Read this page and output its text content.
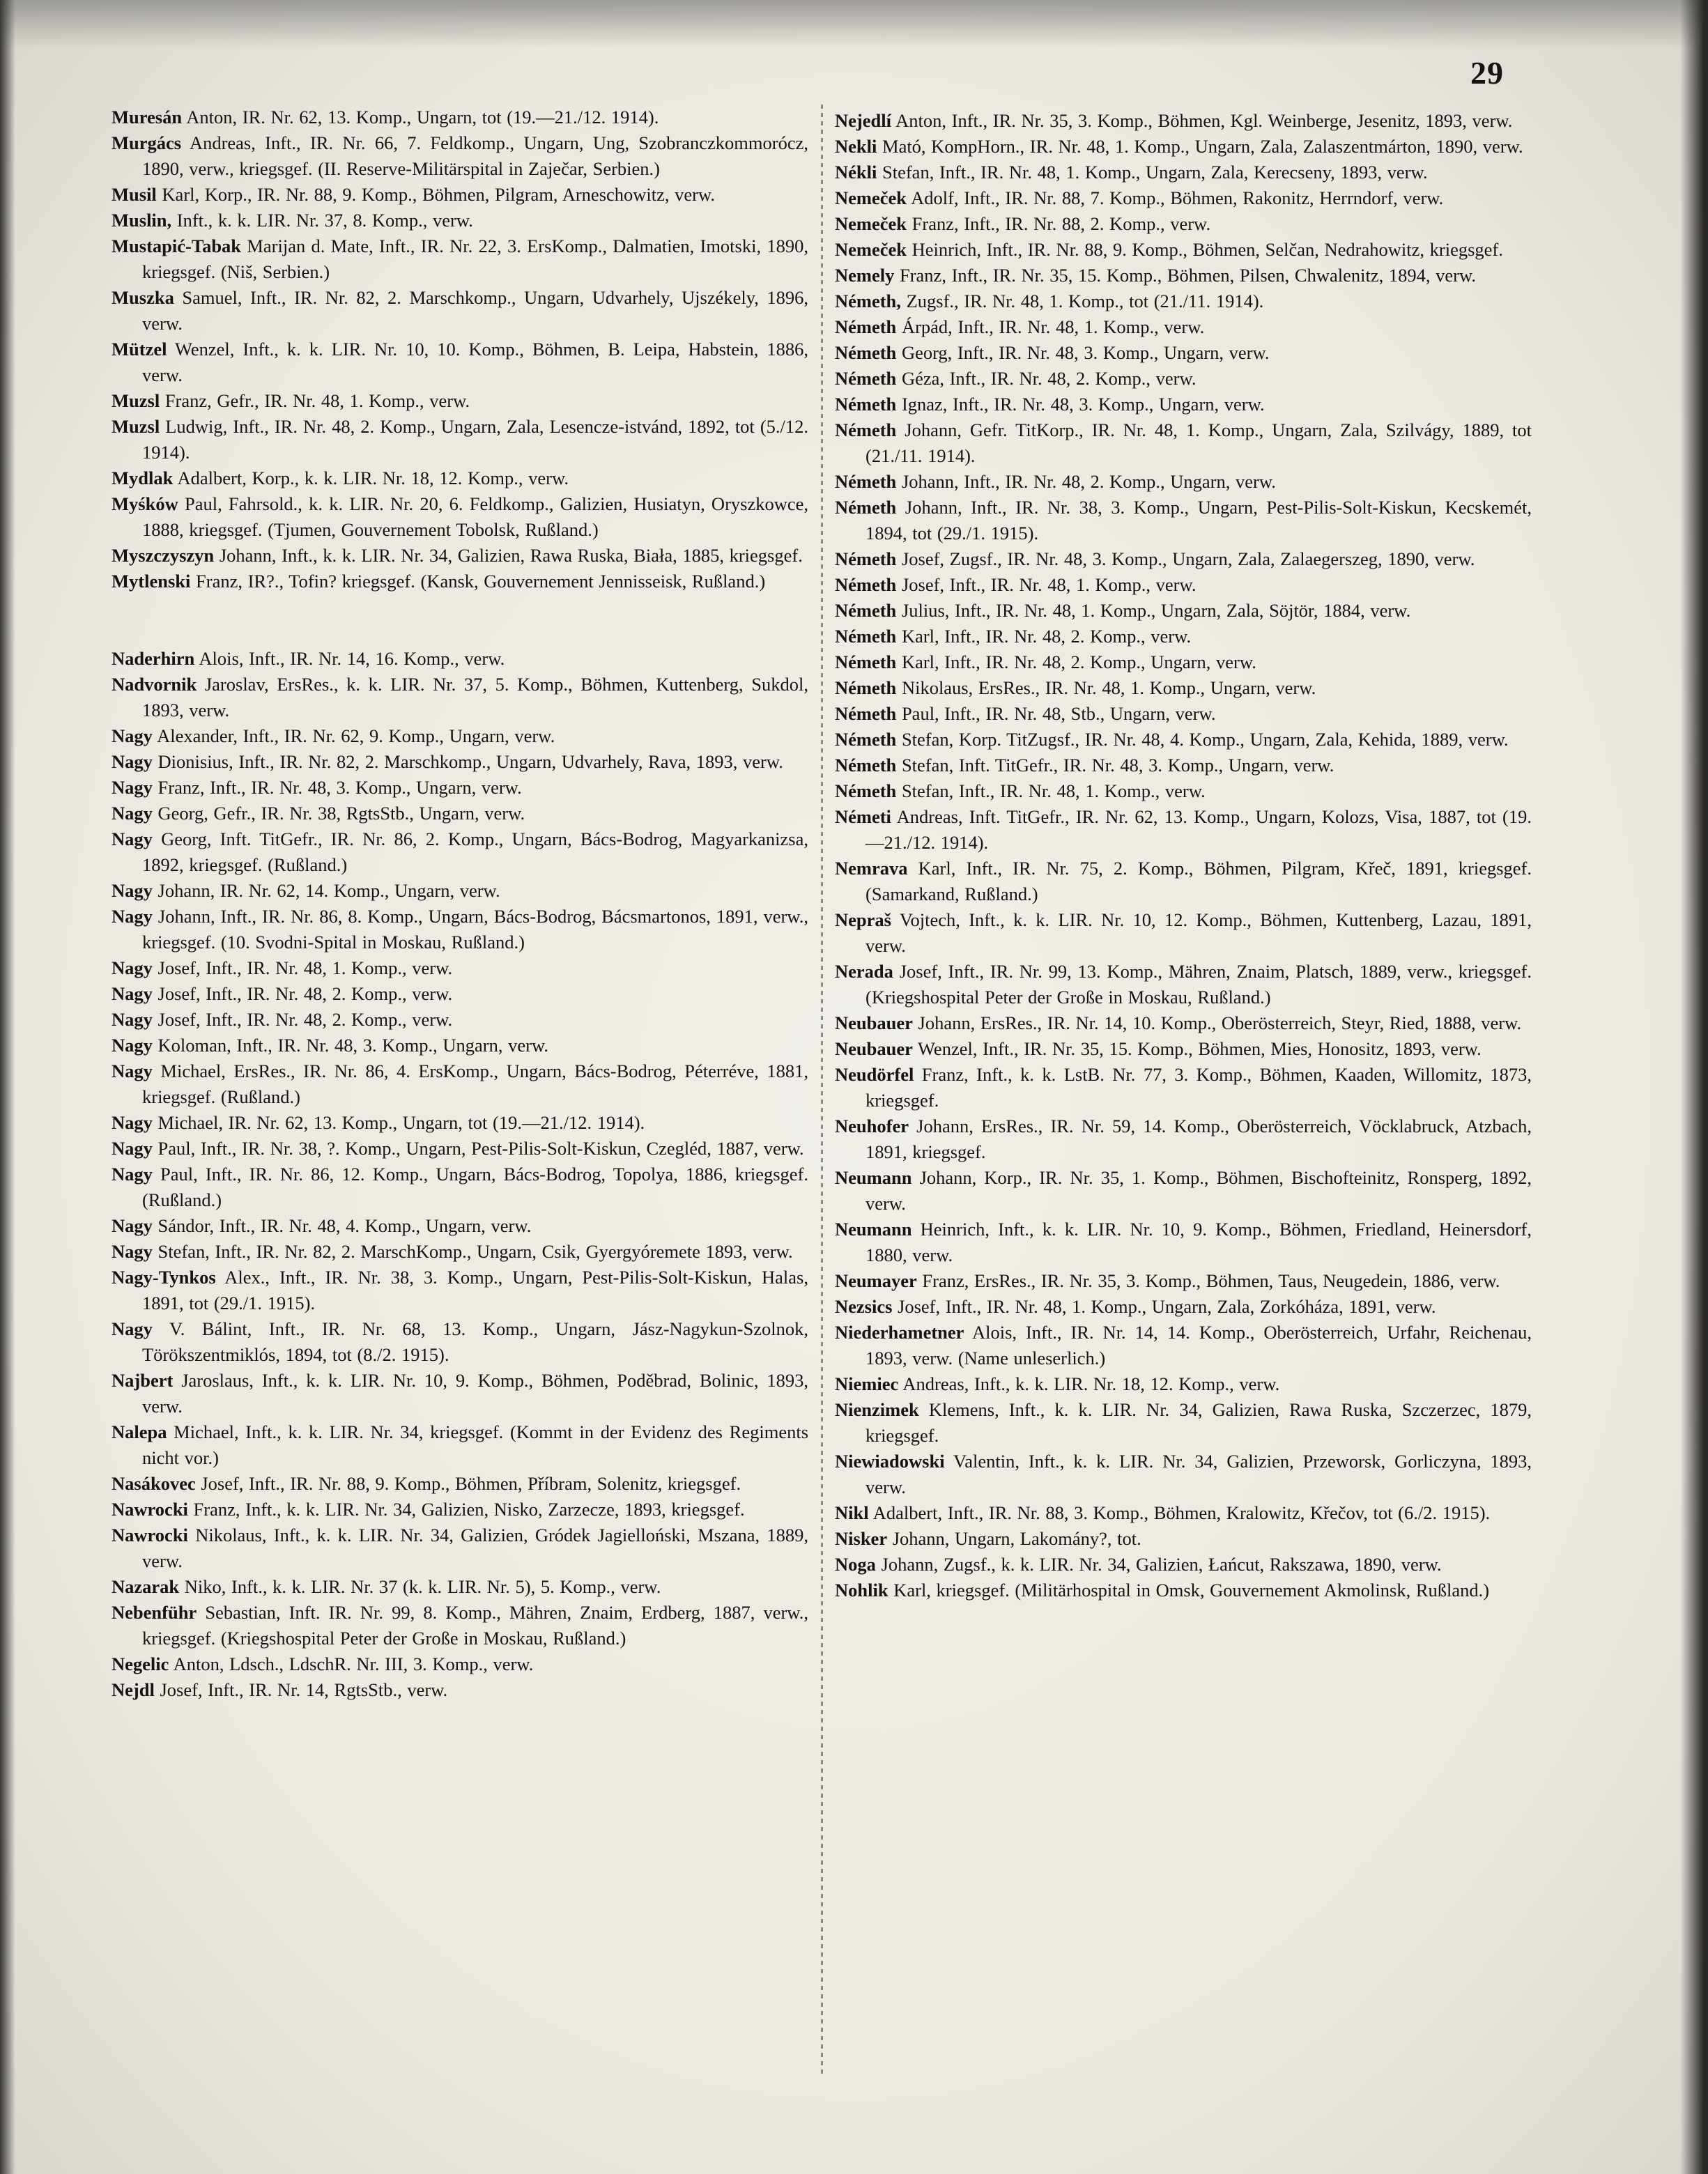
29

Muresán Anton, IR. Nr. 62, 13. Komp., Ungarn, tot (19.—21./12. 1914).

Murgács Andreas, Inft., IR. Nr. 66, 7. Feldkomp., Ungarn, Ung, Szobranczkommorócz, 1890, verw., kriegsgef. (II. Reserve-Militärspital in Zaječar, Serbien.)

Musil Karl, Korp., IR. Nr. 88, 9. Komp., Böhmen, Pilgram, Arneschowitz, verw.

Muslin, Inft., k. k. LIR. Nr. 37, 8. Komp., verw.

Mustapić-Tabak Marijan d. Mate, Inft., IR. Nr. 22, 3. ErsKomp., Dalmatien, Imotski, 1890, kriegsgef. (Niš, Serbien.)

Muszka Samuel, Inft., IR. Nr. 82, 2. Marschkomp., Ungarn, Udvarhely, Ujszékely, 1896, verw.

Mützel Wenzel, Inft., k. k. LIR. Nr. 10, 10. Komp., Böhmen, B. Leipa, Habstein, 1886, verw.

Muzsl Franz, Gefr., IR. Nr. 48, 1. Komp., verw.

Muzsl Ludwig, Inft., IR. Nr. 48, 2. Komp., Ungarn, Zala, Lesencze-istvánd, 1892, tot (5./12. 1914).

Mydlak Adalbert, Korp., k. k. LIR. Nr. 18, 12. Komp., verw.

Myśków Paul, Fahrsold., k. k. LIR. Nr. 20, 6. Feldkomp., Galizien, Husiatyn, Oryszkowce, 1888, kriegsgef. (Tjumen, Gouvernement Tobolsk, Rußland.)

Myszczyszyn Johann, Inft., k. k. LIR. Nr. 34, Galizien, Rawa Ruska, Biała, 1885, kriegsgef.

Mytlenski Franz, IR?., Tofin? kriegsgef. (Kansk, Gouvernement Jennisseisk, Rußland.)

Naderhirn Alois, Inft., IR. Nr. 14, 16. Komp., verw.

Nadvornik Jaroslav, ErsRes., k. k. LIR. Nr. 37, 5. Komp., Böhmen, Kuttenberg, Sukdol, 1893, verw.

Nagy Alexander, Inft., IR. Nr. 62, 9. Komp., Ungarn, verw.

Nagy Dionisius, Inft., IR. Nr. 82, 2. Marschkomp., Ungarn, Udvarhely, Rava, 1893, verw.

Nagy Franz, Inft., IR. Nr. 48, 3. Komp., Ungarn, verw.

Nagy Georg, Gefr., IR. Nr. 38, RgtsStb., Ungarn, verw.

Nagy Georg, Inft. TitGefr., IR. Nr. 86, 2. Komp., Ungarn, Bács-Bodrog, Magyarkanizsa, 1892, kriegsgef. (Rußland.)

Nagy Johann, IR. Nr. 62, 14. Komp., Ungarn, verw.

Nagy Johann, Inft., IR. Nr. 86, 8. Komp., Ungarn, Bács-Bodrog, Bácsmartonos, 1891, verw., kriegsgef. (10. Svodni-Spital in Moskau, Rußland.)

Nagy Josef, Inft., IR. Nr. 48, 1. Komp., verw.

Nagy Josef, Inft., IR. Nr. 48, 2. Komp., verw.

Nagy Josef, Inft., IR. Nr. 48, 2. Komp., verw.

Nagy Koloman, Inft., IR. Nr. 48, 3. Komp., Ungarn, verw.

Nagy Michael, ErsRes., IR. Nr. 86, 4. ErsKomp., Ungarn, Bács-Bodrog, Péterréve, 1881, kriegsgef. (Rußland.)

Nagy Michael, IR. Nr. 62, 13. Komp., Ungarn, tot (19.—21./12. 1914).

Nagy Paul, Inft., IR. Nr. 38, ?. Komp., Ungarn, Pest-Pilis-Solt-Kiskun, Czegléd, 1887, verw.

Nagy Paul, Inft., IR. Nr. 86, 12. Komp., Ungarn, Bács-Bodrog, Topolya, 1886, kriegsgef. (Rußland.)

Nagy Sándor, Inft., IR. Nr. 48, 4. Komp., Ungarn, verw.

Nagy Stefan, Inft., IR. Nr. 82, 2. MarschKomp., Ungarn, Csik, Gyergyóremete 1893, verw.

Nagy-Tynkos Alex., Inft., IR. Nr. 38, 3. Komp., Ungarn, Pest-Pilis-Solt-Kiskun, Halas, 1891, tot (29./1. 1915).

Nagy V. Bálint, Inft., IR. Nr. 68, 13. Komp., Ungarn, Jász-Nagykun-Szolnok, Törökszentmiklós, 1894, tot (8./2. 1915).

Najbert Jaroslaus, Inft., k. k. LIR. Nr. 10, 9. Komp., Böhmen, Poděbrad, Bolinic, 1893, verw.

Nalepa Michael, Inft., k. k. LIR. Nr. 34, kriegsgef. (Kommt in der Evidenz des Regiments nicht vor.)

Nasákovec Josef, Inft., IR. Nr. 88, 9. Komp., Böhmen, Příbram, Solenitz, kriegsgef.

Nawrocki Franz, Inft., k. k. LIR. Nr. 34, Galizien, Nisko, Zarzecze, 1893, kriegsgef.

Nawrocki Nikolaus, Inft., k. k. LIR. Nr. 34, Galizien, Gródek Jagielloński, Mszana, 1889, verw.

Nazarak Niko, Inft., k. k. LIR. Nr. 37 (k. k. LIR. Nr. 5), 5. Komp., verw.

Nebenführ Sebastian, Inft. IR. Nr. 99, 8. Komp., Mähren, Znaim, Erdberg, 1887, verw., kriegsgef. (Kriegshospital Peter der Große in Moskau, Rußland.)

Negelic Anton, Ldsch., LdschR. Nr. III, 3. Komp., verw.

Nejdl Josef, Inft., IR. Nr. 14, RgtsStb., verw.

Nejedlí Anton, Inft., IR. Nr. 35, 3. Komp., Böhmen, Kgl. Weinberge, Jesenitz, 1893, verw.

Nekli Mató, KompHorn., IR. Nr. 48, 1. Komp., Ungarn, Zala, Zalaszentmárton, 1890, verw.

Nékli Stefan, Inft., IR. Nr. 48, 1. Komp., Ungarn, Zala, Kerecseny, 1893, verw.

Nemeček Adolf, Inft., IR. Nr. 88, 7. Komp., Böhmen, Rakonitz, Herrndorf, verw.

Nemeček Franz, Inft., IR. Nr. 88, 2. Komp., verw.

Nemeček Heinrich, Inft., IR. Nr. 88, 9. Komp., Böhmen, Selčan, Nedrahowitz, kriegsgef.

Nemely Franz, Inft., IR. Nr. 35, 15. Komp., Böhmen, Pilsen, Chwalenitz, 1894, verw.

Németh, Zugsf., IR. Nr. 48, 1. Komp., tot (21./11. 1914).

Németh Árpád, Inft., IR. Nr. 48, 1. Komp., verw.

Németh Georg, Inft., IR. Nr. 48, 3. Komp., Ungarn, verw.

Németh Géza, Inft., IR. Nr. 48, 2. Komp., verw.

Németh Ignaz, Inft., IR. Nr. 48, 3. Komp., Ungarn, verw.

Németh Johann, Gefr. TitKorp., IR. Nr. 48, 1. Komp., Ungarn, Zala, Szilvágy, 1889, tot (21./11. 1914).

Németh Johann, Inft., IR. Nr. 48, 2. Komp., Ungarn, verw.

Németh Johann, Inft., IR. Nr. 38, 3. Komp., Ungarn, Pest-Pilis-Solt-Kiskun, Kecskemét, 1894, tot (29./1. 1915).

Németh Josef, Zugsf., IR. Nr. 48, 3. Komp., Ungarn, Zala, Zalaegerszeg, 1890, verw.

Németh Josef, Inft., IR. Nr. 48, 1. Komp., verw.

Németh Julius, Inft., IR. Nr. 48, 1. Komp., Ungarn, Zala, Söjtör, 1884, verw.

Németh Karl, Inft., IR. Nr. 48, 2. Komp., verw.

Németh Karl, Inft., IR. Nr. 48, 2. Komp., Ungarn, verw.

Németh Nikolaus, ErsRes., IR. Nr. 48, 1. Komp., Ungarn, verw.

Németh Paul, Inft., IR. Nr. 48, Stb., Ungarn, verw.

Németh Stefan, Korp. TitZugsf., IR. Nr. 48, 4. Komp., Ungarn, Zala, Kehida, 1889, verw.

Németh Stefan, Inft. TitGefr., IR. Nr. 48, 3. Komp., Ungarn, verw.

Németh Stefan, Inft., IR. Nr. 48, 1. Komp., verw.

Németi Andreas, Inft. TitGefr., IR. Nr. 62, 13. Komp., Ungarn, Kolozs, Visa, 1887, tot (19.—21./12. 1914).

Nemrava Karl, Inft., IR. Nr. 75, 2. Komp., Böhmen, Pilgram, Křeč, 1891, kriegsgef. (Samarkand, Rußland.)

Nepraš Vojtech, Inft., k. k. LIR. Nr. 10, 12. Komp., Böhmen, Kuttenberg, Lazau, 1891, verw.

Nerada Josef, Inft., IR. Nr. 99, 13. Komp., Mähren, Znaim, Platsch, 1889, verw., kriegsgef. (Kriegshospital Peter der Große in Moskau, Rußland.)

Neubauer Johann, ErsRes., IR. Nr. 14, 10. Komp., Oberösterreich, Steyr, Ried, 1888, verw.

Neubauer Wenzel, Inft., IR. Nr. 35, 15. Komp., Böhmen, Mies, Honositz, 1893, verw.

Neudörfel Franz, Inft., k. k. LstB. Nr. 77, 3. Komp., Böhmen, Kaaden, Willomitz, 1873, kriegsgef.

Neuhofer Johann, ErsRes., IR. Nr. 59, 14. Komp., Oberösterreich, Vöcklabruck, Atzbach, 1891, kriegsgef.

Neumann Johann, Korp., IR. Nr. 35, 1. Komp., Böhmen, Bischofteinitz, Ronsperg, 1892, verw.

Neumann Heinrich, Inft., k. k. LIR. Nr. 10, 9. Komp., Böhmen, Friedland, Heinersdorf, 1880, verw.

Neumayer Franz, ErsRes., IR. Nr. 35, 3. Komp., Böhmen, Taus, Neugedein, 1886, verw.

Nezsics Josef, Inft., IR. Nr. 48, 1. Komp., Ungarn, Zala, Zorkóháza, 1891, verw.

Niederhametner Alois, Inft., IR. Nr. 14, 14. Komp., Oberösterreich, Urfahr, Reichenau, 1893, verw. (Name unleserlich.)

Niemiec Andreas, Inft., k. k. LIR. Nr. 18, 12. Komp., verw.

Nienzimek Klemens, Inft., k. k. LIR. Nr. 34, Galizien, Rawa Ruska, Szczerzec, 1879, kriegsgef.

Niewiadowski Valentin, Inft., k. k. LIR. Nr. 34, Galizien, Przeworsk, Gorliczyna, 1893, verw.

Nikl Adalbert, Inft., IR. Nr. 88, 3. Komp., Böhmen, Kralowitz, Křečov, tot (6./2. 1915).

Nisker Johann, Ungarn, Lakomány?, tot.

Noga Johann, Zugsf., k. k. LIR. Nr. 34, Galizien, Łańcut, Rakszawa, 1890, verw.

Nohlik Karl, kriegsgef. (Militärhospital in Omsk, Gouvernement Akmolinsk, Rußland.)
